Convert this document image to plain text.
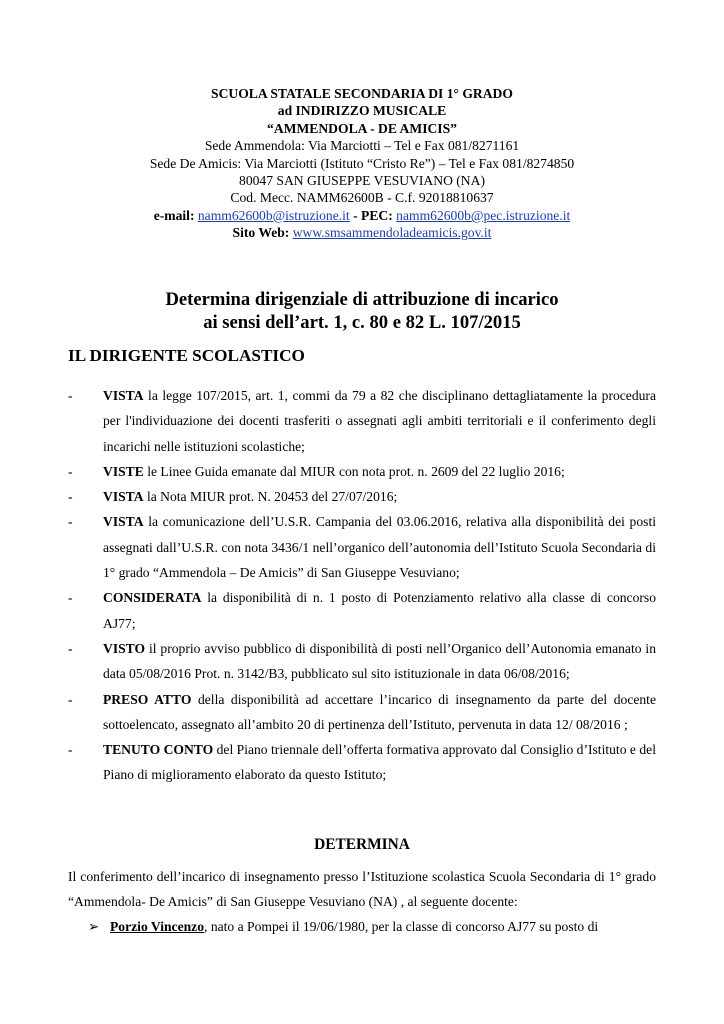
SCUOLA STATALE SECONDARIA DI 1° GRADO
ad INDIRIZZO MUSICALE
“AMMENDOLA - DE AMICIS”
Sede Ammendola: Via Marciotti – Tel e Fax 081/8271161
Sede De Amicis: Via Marciotti (Istituto “Cristo Re”) – Tel e Fax 081/8274850
80047 SAN GIUSEPPE VESUVIANO (NA)
Cod. Mecc. NAMM62600B - C.f. 92018810637
e-mail: namm62600b@istruzione.it - PEC: namm62600b@pec.istruzione.it
Sito Web: www.smsammendoladeamicis.gov.it
Determina dirigenziale di attribuzione di incarico
ai sensi dell’art. 1, c. 80 e 82 L. 107/2015
IL DIRIGENTE SCOLASTICO
- VISTA la legge 107/2015, art. 1, commi da 79 a 82 che disciplinano dettagliatamente la procedura per l'individuazione dei docenti trasferiti o assegnati agli ambiti territoriali e il conferimento degli incarichi nelle istituzioni scolastiche;
- VISTE le Linee Guida emanate dal MIUR con nota prot. n. 2609 del 22 luglio 2016;
- VISTA la Nota MIUR prot. N. 20453 del 27/07/2016;
- VISTA la comunicazione dell’U.S.R. Campania del 03.06.2016, relativa alla disponibilità dei posti assegnati dall’U.S.R. con nota 3436/1 nell’organico dell’autonomia dell’Istituto Scuola Secondaria di 1° grado “Ammendola – De Amicis” di San Giuseppe Vesuviano;
- CONSIDERATA la disponibilità di n. 1 posto di Potenziamento relativo alla classe di concorso AJ77;
- VISTO il proprio avviso pubblico di disponibilità di posti nell’Organico dell’Autonomia emanato in data 05/08/2016 Prot. n. 3142/B3, pubblicato sul sito istituzionale in data 06/08/2016;
- PRESO ATTO della disponibilità ad accettare l’incarico di insegnamento da parte del docente sottoelencato, assegnato all’ambito 20 di pertinenza dell’Istituto, pervenuta in data 12/ 08/2016 ;
- TENUTO CONTO del Piano triennale dell’offerta formativa approvato dal Consiglio d’Istituto e del Piano di miglioramento elaborato da questo Istituto;
DETERMINA
Il conferimento dell’incarico di insegnamento presso l’Istituzione scolastica Scuola Secondaria di 1° grado “Ammendola- De Amicis” di San Giuseppe Vesuviano (NA) , al seguente docente:
➢ Porzio Vincenzo, nato a Pompei il 19/06/1980, per la classe di concorso AJ77 su posto di
